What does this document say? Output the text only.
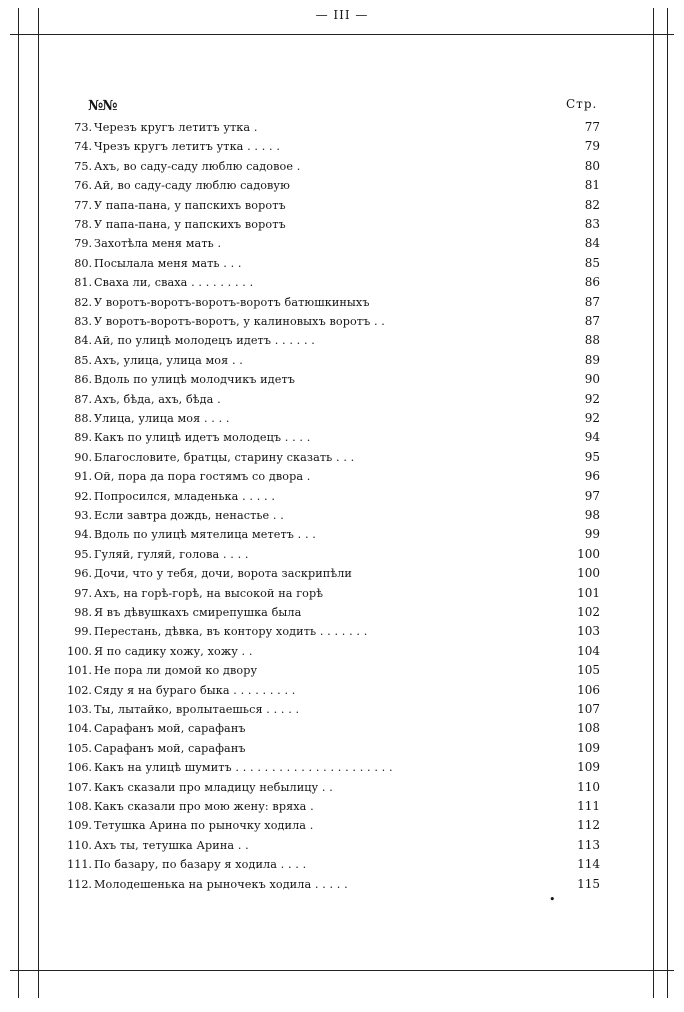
— III —
№№	Стр.
73. Черезъ кругъ летитъ утка .	77
74. Чрезъ кругъ летитъ утка . . . . .	79
75. Ахъ, во саду-саду люблю садовое .	80
76. Ай, во саду-саду люблю садовую	81
77. У папа-пана, у папскихъ воротъ	82
78. У папа-пана, у папскихъ воротъ	83
79. Захотѣла меня мать .	84
80. Посылала меня мать . . .	85
81. Сваха ли, сваха . . . . . . . . .	86
82. У воротъ-воротъ-воротъ-воротъ батюшкиныхъ	87
83. У воротъ-воротъ-воротъ, у калиновыхъ воротъ . .	87
84. Ай, по улицѣ молодецъ идетъ . . . . . .	88
85. Ахъ, улица, улица моя . .	89
86. Вдоль по улицѣ молодчикъ идетъ	90
87. Ахъ, бѣда, ахъ, бѣда .	92
88. Улица, улица моя . . . .	92
89. Какъ по улицѣ идетъ молодецъ . . . .	94
90. Благословите, братцы, старину сказать . . .	95
91. Ой, пора да пора гостямъ со двора .	96
92. Попросился, младенька . . . . .	97
93. Если завтра дождь, ненастье . .	98
94. Вдоль по улицѣ мятелица мететъ . . .	99
95. Гуляй, гуляй, голова . . . .	100
96. Дочи, что у тебя, дочи, ворота заскрипѣли	100
97. Ахъ, на горѣ-горѣ, на высокой на горѣ	101
98. Я въ дѣвушкахъ смирепушка была	102
99. Перестань, дѣвка, въ контору ходить . . . . . . .	103
100. Я по садику хожу, хожу . .	104
101. Не пора ли домой ко двору	105
102. Сяду я на бураго быка . . . . . . . . .	106
103. Ты, лытайко, вролытаешься . . . . .	107
104. Сарафанъ мой, сарафанъ	108
105. Сарафанъ мой, сарафанъ	109
106. Какъ на улицѣ шумитъ . . . . . . . . . . . . . . . . . . . . . .	109
107. Какъ сказали про младицу небылицу . .	110
108. Какъ сказали про мою жену: вряха .	111
109. Тетушка Арина по рыночку ходила .	112
110. Ахъ ты, тетушка Арина . .	113
111. По базару, по базару я ходила . . . .	114
112. Молодешенька на рыночекъ ходила . . . . .	115
•
